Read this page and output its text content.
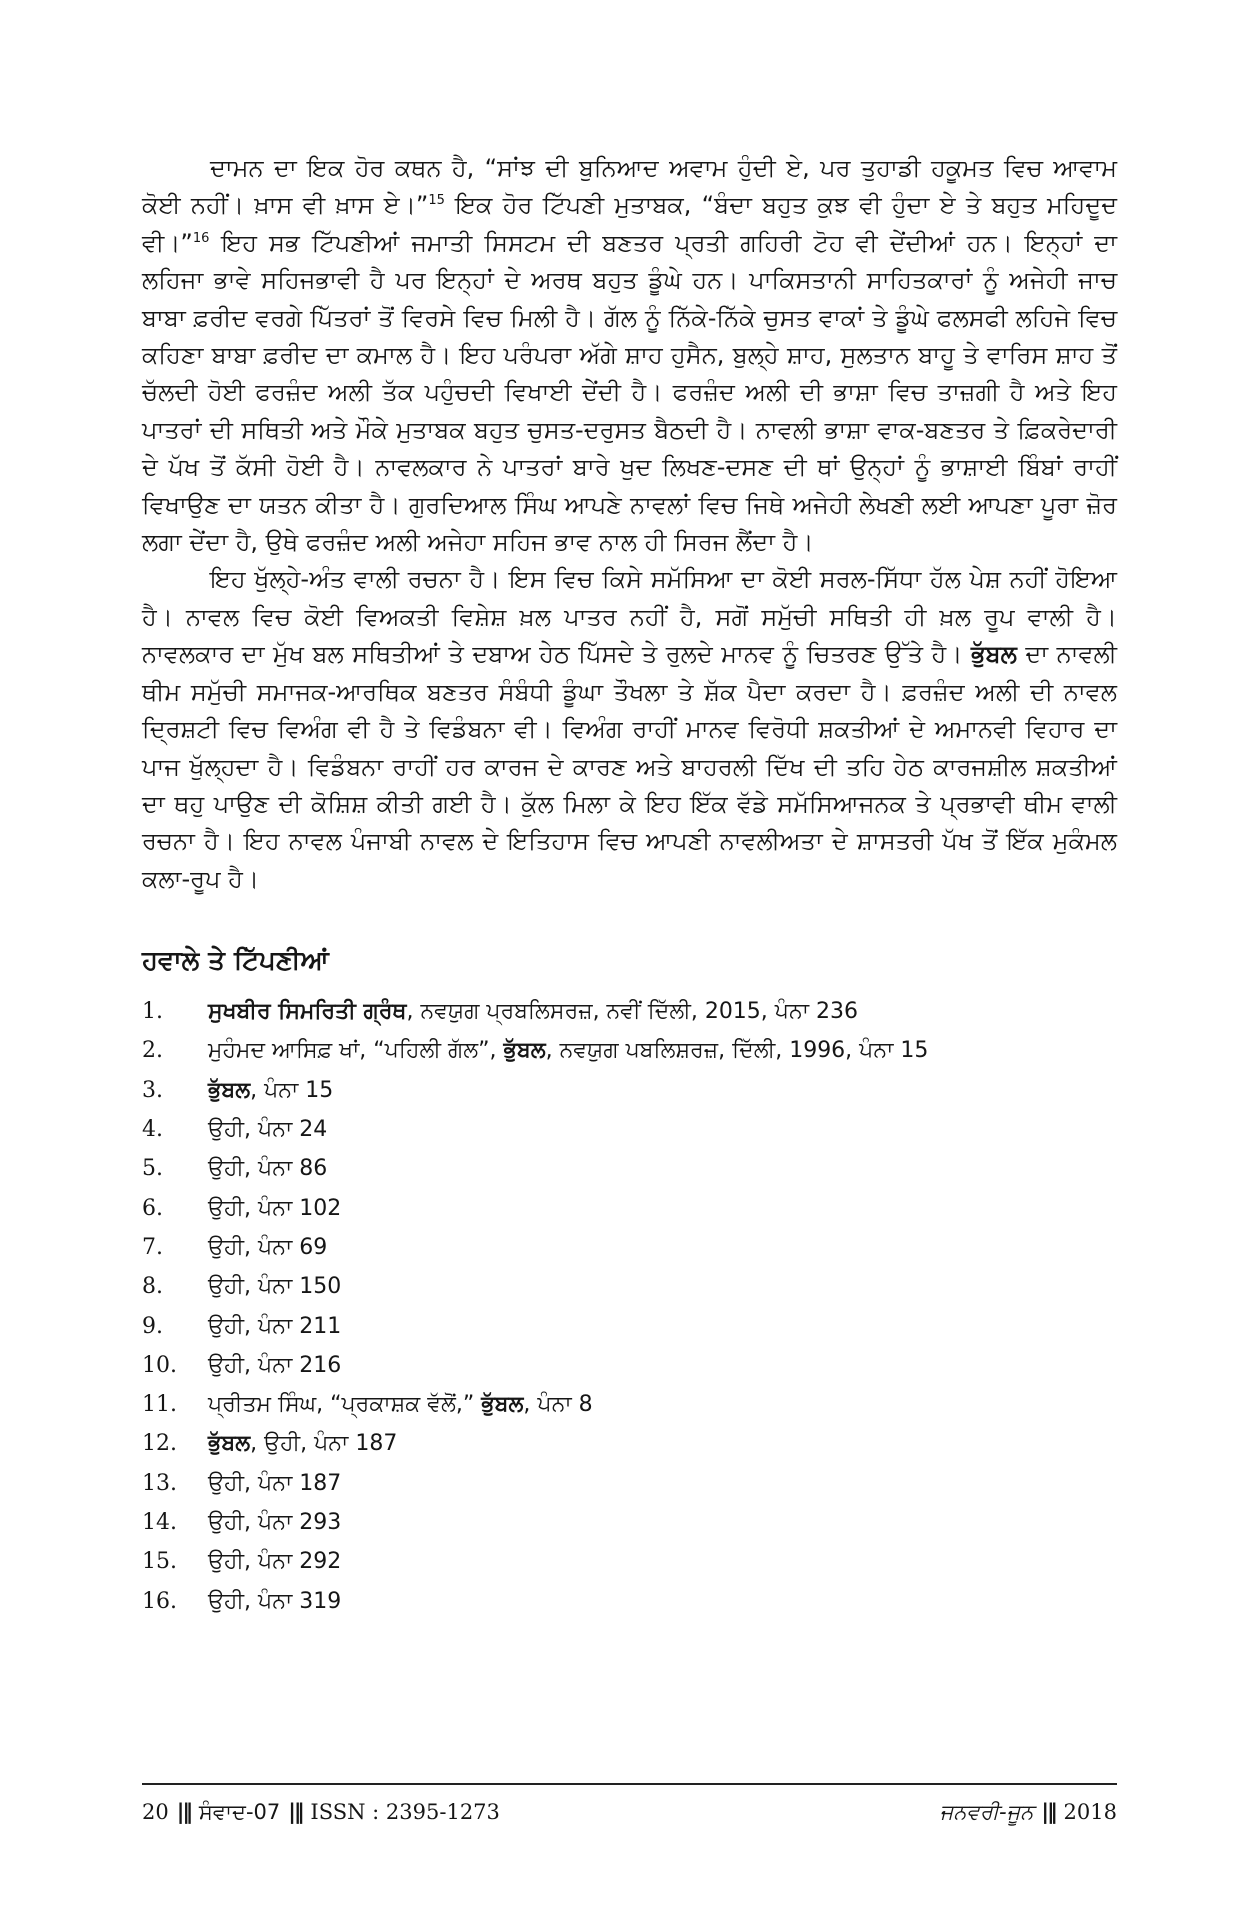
ਦਾਮਨ ਦਾ ਇਕ ਹੋਰ ਕਥਨ ਹੈ, “ਸਾਂਝ ਦੀ ਬੁਨਿਆਦ ਅਵਾਮ ਹੁੰਦੀ ਏ, ਪਰ ਤੁਹਾਡੀ ਹਕੂਮਤ ਵਿਚ ਆਵਾਮ ਕੋਈ ਨਹੀਂ। ਖ਼ਾਸ ਵੀ ਖ਼ਾਸ ਏ।”$^{15}$ ਇਕ ਹੋਰ ਟਿੱਪਣੀ ਮੁਤਾਬਕ, “ਬੰਦਾ ਬਹੁਤ ਕੁਝ ਵੀ ਹੁੰਦਾ ਏ ਤੇ ਬਹੁਤ ਮਹਿਦੂਦ ਵੀ।”$^{16}$ ਇਹ ਸਭ ਟਿੱਪਣੀਆਂ ਜਮਾਤੀ ਸਿਸਟਮ ਦੀ ਬਣਤਰ ਪ੍ਰਤੀ ਗਹਿਰੀ ਟੋਹ ਵੀ ਦੇਂਦੀਆਂ ਹਨ। ਇਨ੍ਹਾਂ ਦਾ ਲਹਿਜਾ ਭਾਵੇ ਸਹਿਜਭਾਵੀ ਹੈ ਪਰ ਇਨ੍ਹਾਂ ਦੇ ਅਰਥ ਬਹੁਤ ਡੂੰਘੇ ਹਨ। ਪਾਕਿਸਤਾਨੀ ਸਾਹਿਤਕਾਰਾਂ ਨੂੰ ਅਜੇਹੀ ਜਾਚ ਬਾਬਾ ਫ਼ਰੀਦ ਵਰਗੇ ਪਿੱਤਰਾਂ ਤੋਂ ਵਿਰਸੇ ਵਿਚ ਮਿਲੀ ਹੈ। ਗੱਲ ਨੂੰ ਨਿੱਕੇ-ਨਿੱਕੇ ਚੁਸਤ ਵਾਕਾਂ ਤੇ ਡੂੰਘੇ ਫਲਸਫੀ ਲਹਿਜੇ ਵਿਚ ਕਹਿਣਾ ਬਾਬਾ ਫ਼ਰੀਦ ਦਾ ਕਮਾਲ ਹੈ। ਇਹ ਪਰੰਪਰਾ ਅੱਗੇ ਸ਼ਾਹ ਹੁਸੈਨ, ਬੁਲ੍ਹੇ ਸ਼ਾਹ, ਸੁਲਤਾਨ ਬਾਹੂ ਤੇ ਵਾਰਿਸ ਸ਼ਾਹ ਤੋਂ ਚੱਲਦੀ ਹੋਈ ਫਰਜ਼ੰਦ ਅਲੀ ਤੱਕ ਪਹੁੰਚਦੀ ਵਿਖਾਈ ਦੇਂਦੀ ਹੈ। ਫਰਜ਼ੰਦ ਅਲੀ ਦੀ ਭਾਸ਼ਾ ਵਿਚ ਤਾਜ਼ਗੀ ਹੈ ਅਤੇ ਇਹ ਪਾਤਰਾਂ ਦੀ ਸਥਿਤੀ ਅਤੇ ਮੌਕੇ ਮੁਤਾਬਕ ਬਹੁਤ ਚੁਸਤ-ਦਰੁਸਤ ਬੈਠਦੀ ਹੈ। ਨਾਵਲੀ ਭਾਸ਼ਾ ਵਾਕ-ਬਣਤਰ ਤੇ ਫ਼ਿਕਰੇਦਾਰੀ ਦੇ ਪੱਖ ਤੋਂ ਕੱਸੀ ਹੋਈ ਹੈ। ਨਾਵਲਕਾਰ ਨੇ ਪਾਤਰਾਂ ਬਾਰੇ ਖੁਦ ਲਿਖਣ-ਦਸਣ ਦੀ ਥਾਂ ਉਨ੍ਹਾਂ ਨੂੰ ਭਾਸ਼ਾਈ ਬਿੰਬਾਂ ਰਾਹੀਂ ਵਿਖਾਉਣ ਦਾ ਯਤਨ ਕੀਤਾ ਹੈ। ਗੁਰਦਿਆਲ ਸਿੰਘ ਆਪਣੇ ਨਾਵਲਾਂ ਵਿਚ ਜਿਥੇ ਅਜੇਹੀ ਲੇਖਣੀ ਲਈ ਆਪਣਾ ਪੂਰਾ ਜ਼ੋਰ ਲਗਾ ਦੇਂਦਾ ਹੈ, ਉਥੇ ਫਰਜ਼ੰਦ ਅਲੀ ਅਜੇਹਾ ਸਹਿਜ ਭਾਵ ਨਾਲ ਹੀ ਸਿਰਜ ਲੈਂਦਾ ਹੈ।

ਇਹ ਖੁੱਲ੍ਹੇ-ਅੰਤ ਵਾਲੀ ਰਚਨਾ ਹੈ। ਇਸ ਵਿਚ ਕਿਸੇ ਸਮੱਸਿਆ ਦਾ ਕੋਈ ਸਰਲ-ਸਿੱਧਾ ਹੱਲ ਪੇਸ਼ ਨਹੀਂ ਹੋਇਆ ਹੈ। ਨਾਵਲ ਵਿਚ ਕੋਈ ਵਿਅਕਤੀ ਵਿਸ਼ੇਸ਼ ਖ਼ਲ ਪਾਤਰ ਨਹੀਂ ਹੈ, ਸਗੋਂ ਸਮੁੱਚੀ ਸਥਿਤੀ ਹੀ ਖ਼ਲ ਰੂਪ ਵਾਲੀ ਹੈ। ਨਾਵਲਕਾਰ ਦਾ ਮੁੱਖ ਬਲ ਸਥਿਤੀਆਂ ਤੇ ਦਬਾਅ ਹੇਠ ਪਿੱਸਦੇ ਤੇ ਰੁਲਦੇ ਮਾਨਵ ਨੂੰ ਚਿਤਰਣ ਉੱਤੇ ਹੈ। ਭੁੱਬਲ ਦਾ ਨਾਵਲੀ ਥੀਮ ਸਮੁੱਚੀ ਸਮਾਜਕ-ਆਰਥਿਕ ਬਣਤਰ ਸੰਬੰਧੀ ਡੂੰਘਾ ਤੌਖਲਾ ਤੇ ਸ਼ੱਕ ਪੈਦਾ ਕਰਦਾ ਹੈ। ਫ਼ਰਜ਼ੰਦ ਅਲੀ ਦੀ ਨਾਵਲ ਦ੍ਰਿਸ਼ਟੀ ਵਿਚ ਵਿਅੰਗ ਵੀ ਹੈ ਤੇ ਵਿਡੰਬਨਾ ਵੀ। ਵਿਅੰਗ ਰਾਹੀਂ ਮਾਨਵ ਵਿਰੋਧੀ ਸ਼ਕਤੀਆਂ ਦੇ ਅਮਾਨਵੀ ਵਿਹਾਰ ਦਾ ਪਾਜ ਖੁੱਲ੍ਹਦਾ ਹੈ। ਵਿਡੰਬਨਾ ਰਾਹੀਂ ਹਰ ਕਾਰਜ ਦੇ ਕਾਰਣ ਅਤੇ ਬਾਹਰਲੀ ਦਿੱਖ ਦੀ ਤਹਿ ਹੇਠ ਕਾਰਜਸ਼ੀਲ ਸ਼ਕਤੀਆਂ ਦਾ ਥਹੁ ਪਾਉਣ ਦੀ ਕੋਸ਼ਿਸ਼ ਕੀਤੀ ਗਈ ਹੈ। ਕੁੱਲ ਮਿਲਾ ਕੇ ਇਹ ਇੱਕ ਵੱਡੇ ਸਮੱਸਿਆਜਨਕ ਤੇ ਪ੍ਰਭਾਵੀ ਥੀਮ ਵਾਲੀ ਰਚਨਾ ਹੈ। ਇਹ ਨਾਵਲ ਪੰਜਾਬੀ ਨਾਵਲ ਦੇ ਇਤਿਹਾਸ ਵਿਚ ਆਪਣੀ ਨਾਵਲੀਅਤਾ ਦੇ ਸ਼ਾਸਤਰੀ ਪੱਖ ਤੋਂ ਇੱਕ ਮੁਕੰਮਲ ਕਲਾ-ਰੂਪ ਹੈ।

ਹਵਾਲੇ ਤੇ ਟਿੱਪਣੀਆਂ
1.	ਸੁਖਬੀਰ ਸਿਮਰਿਤੀ ਗ੍ਰੰਥ, ਨਵਯੁਗ ਪ੍ਰਬਲਿਸਰਜ਼, ਨਵੀਂ ਦਿੱਲੀ, 2015, ਪੰਨਾ 236
2.	ਮੁਹੰਮਦ ਆਸਿਫ਼ ਖਾਂ, “ਪਹਿਲੀ ਗੱਲ”, ਭੁੱਬਲ, ਨਵਯੁਗ ਪਬਲਿਸ਼ਰਜ਼, ਦਿੱਲੀ, 1996, ਪੰਨਾ 15
3.	ਭੁੱਬਲ, ਪੰਨਾ 15
4.	ਉਹੀ, ਪੰਨਾ 24
5.	ਉਹੀ, ਪੰਨਾ 86
6.	ਉਹੀ, ਪੰਨਾ 102
7.	ਉਹੀ, ਪੰਨਾ 69
8.	ਉਹੀ, ਪੰਨਾ 150
9.	ਉਹੀ, ਪੰਨਾ 211
10.	ਉਹੀ, ਪੰਨਾ 216
11.	ਪ੍ਰੀਤਮ ਸਿੰਘ, “ਪ੍ਰਕਾਸ਼ਕ ਵੱਲੋਂ,” ਭੁੱਬਲ, ਪੰਨਾ 8
12.	ਭੁੱਬਲ, ਉਹੀ, ਪੰਨਾ 187
13.	ਉਹੀ, ਪੰਨਾ 187
14.	ਉਹੀ, ਪੰਨਾ 293
15.	ਉਹੀ, ਪੰਨਾ 292
16.	ਉਹੀ, ਪੰਨਾ 319
20 |‖ ਸੰਵਾਦ-07 |‖ ISSN : 2395-1273	ਜਨਵਰੀ-ਜੂਨ |‖ 2018
